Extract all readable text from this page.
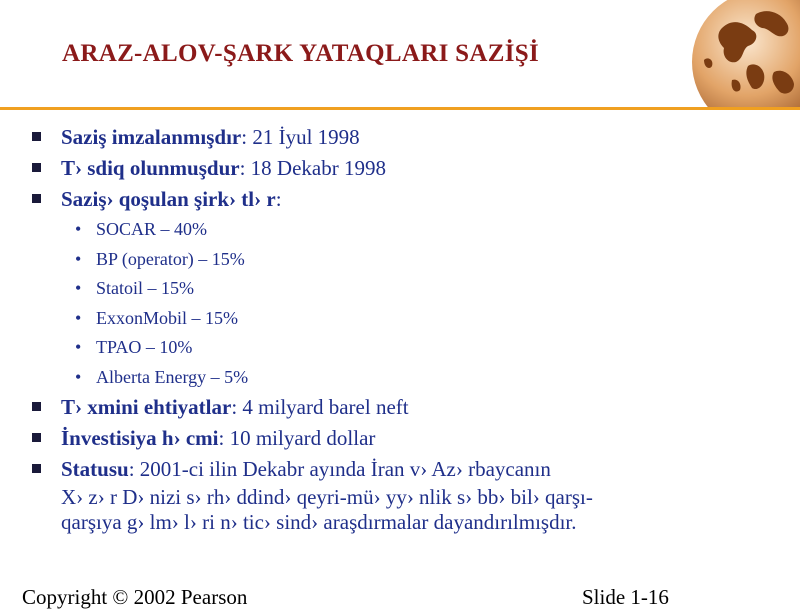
ARAZ-ALOV-ŞARK YATAQLARI SAZİŞİ
Saziş imzalanmışdır: 21 İyul 1998
T› sdiq olunmuşdur: 18 Dekabr 1998
Saziş› qoşulan şirk› tl› r:
• SOCAR – 40%
• BP (operator) – 15%
• Statoil – 15%
• ExxonMobil – 15%
• TPAO – 10%
• Alberta Energy – 5%
T› xmini ehtiyatlar: 4 milyard barel neft
İnvestisiya h› cmi: 10 milyard dollar
Statusu: 2001-ci ilin Dekabr ayında İran v› Az› rbaycanın
X› z› r D› nizi s› rh› ddind› qeyri-mü› yy› nlik s› bb› bil› qarşı-
qarşıya g› lm› l› ri n› tic› sind› araşdırmalar dayandırılmışdır.
Copyright © 2002 Pearson	Slide 1-16
